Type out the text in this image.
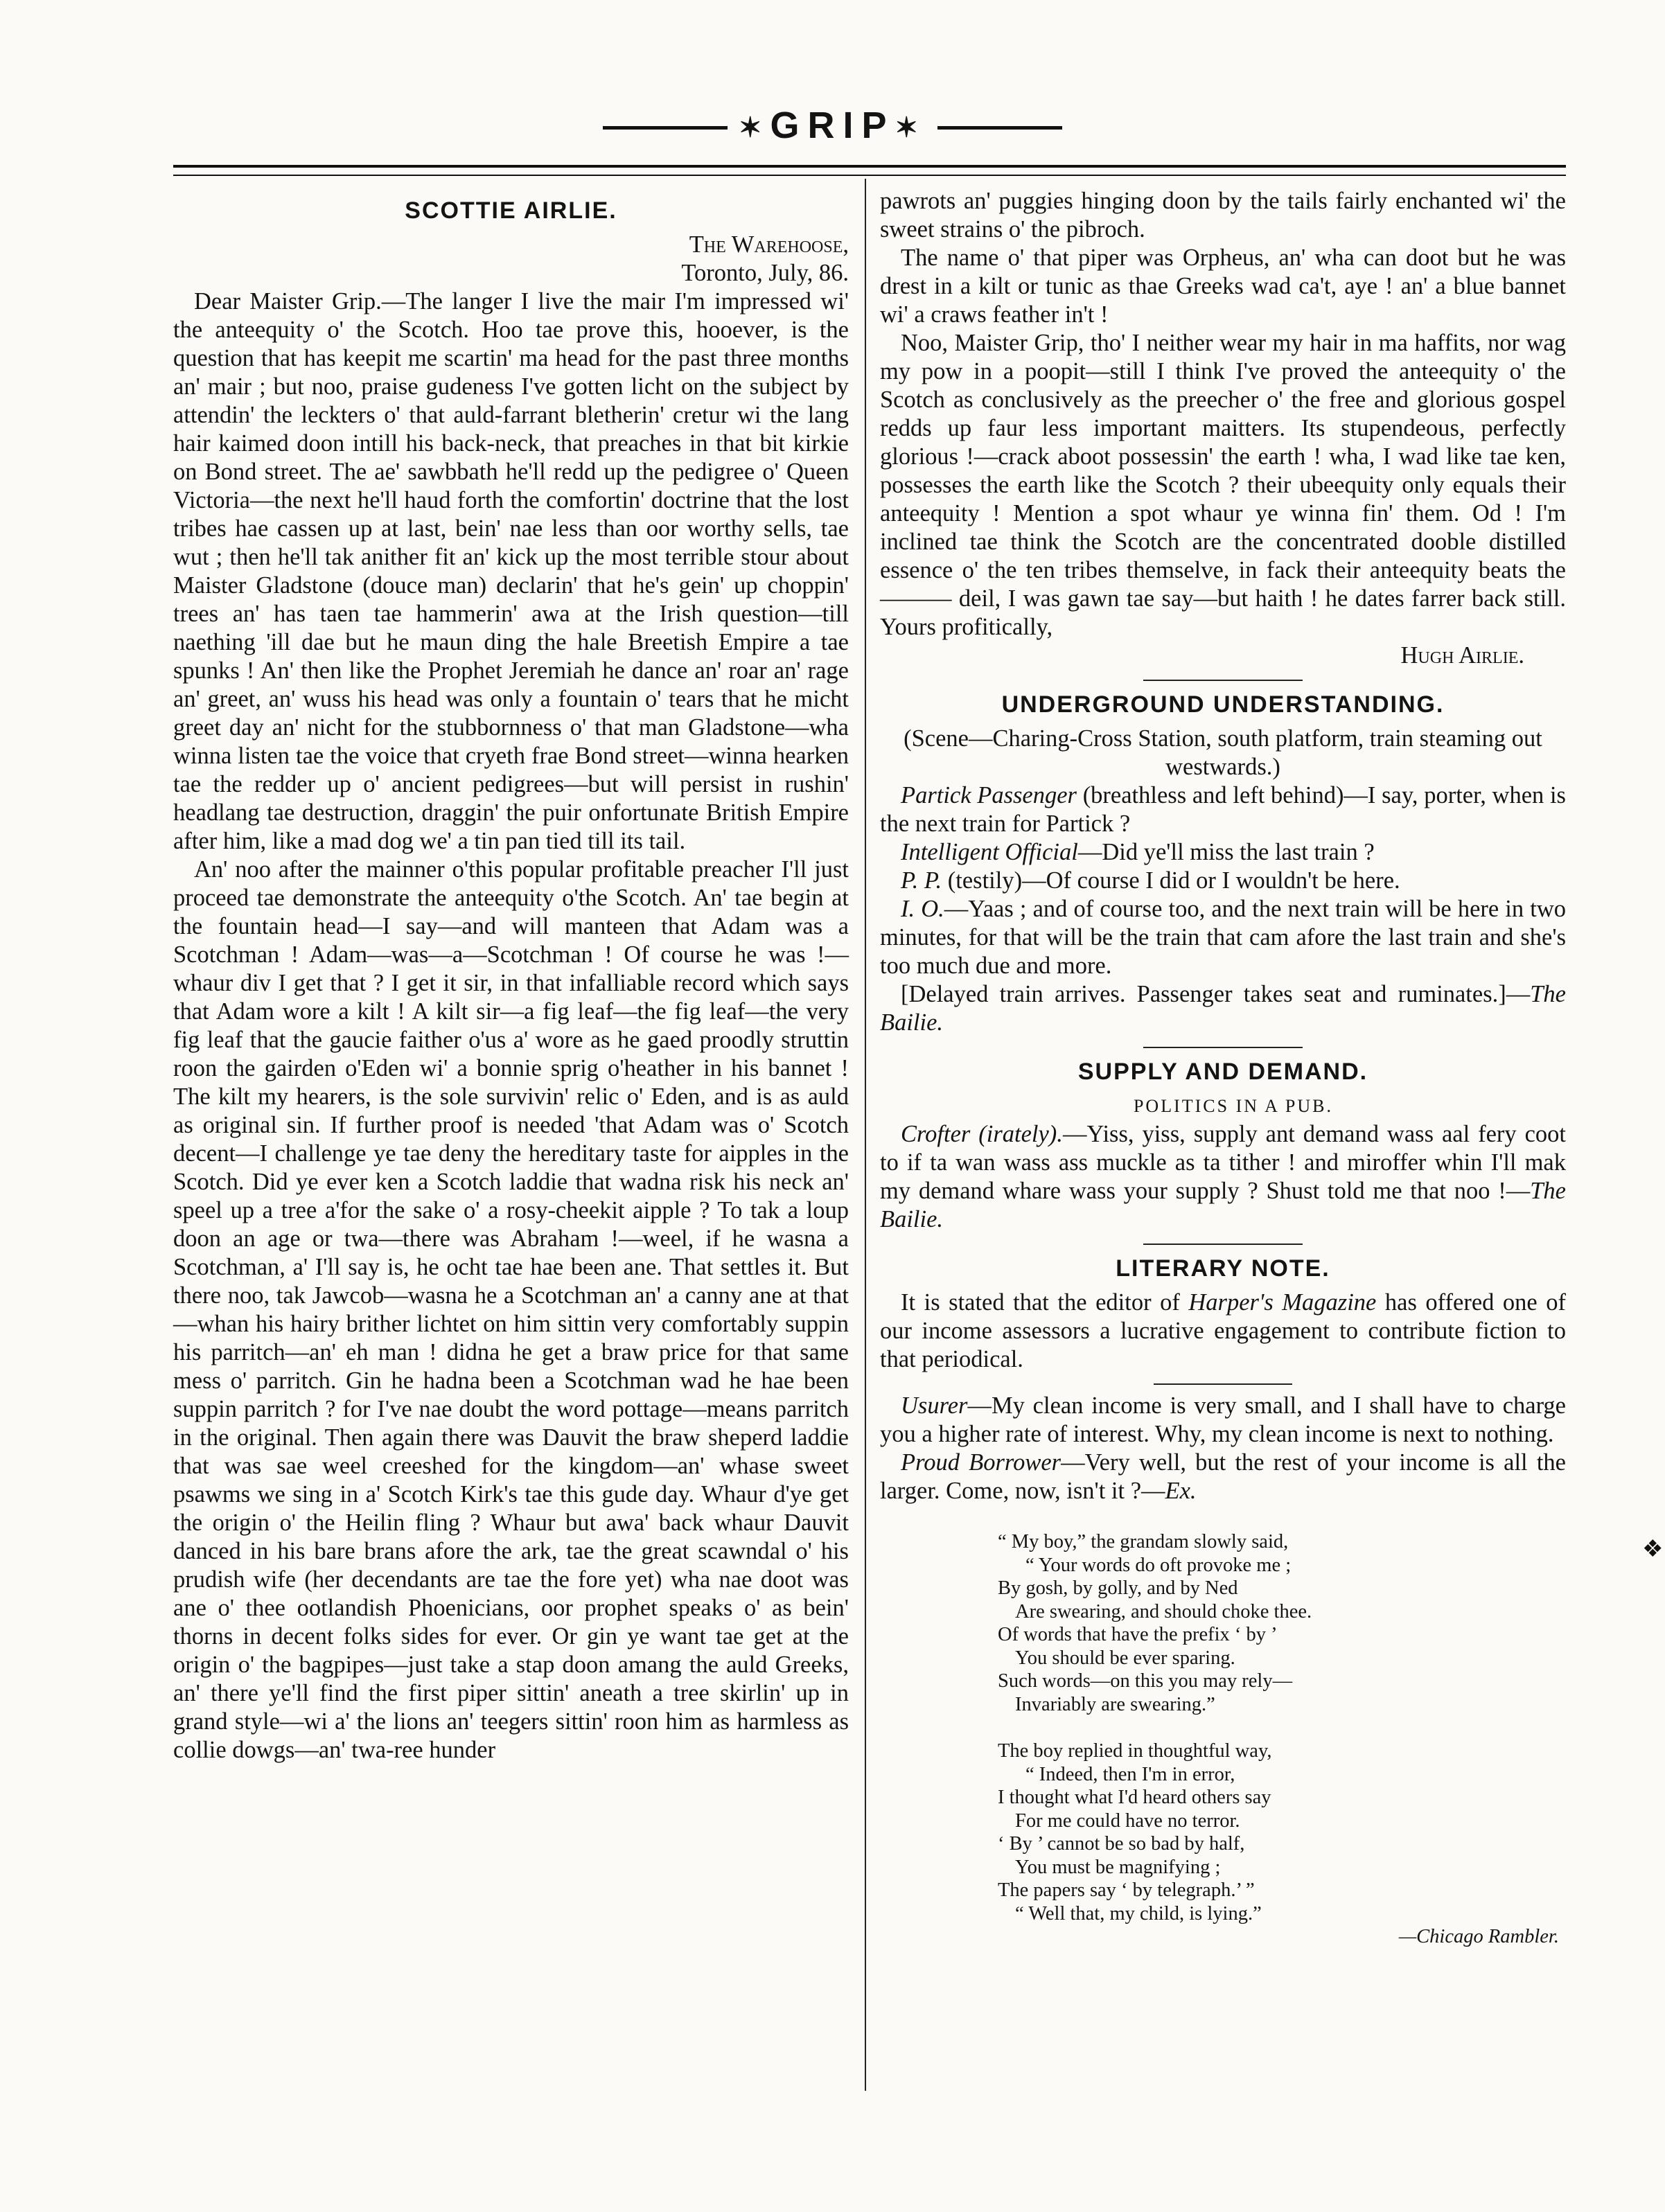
✶GRIP✶
SCOTTIE AIRLIE.

The Warehoose,

Toronto, July, 86.

Dear Maister Grip.—The langer I live the mair I'm impressed wi' the anteequity o' the Scotch. Hoo tae prove this, hooever, is the question that has keepit me scartin' ma head for the past three months an' mair ; but noo, praise gudeness I've gotten licht on the subject by attendin' the leckters o' that auld-farrant bletherin' cretur wi the lang hair kaimed doon intill his back-neck, that preaches in that bit kirkie on Bond street. The ae' sawbbath he'll redd up the pedigree o' Queen Victoria—the next he'll haud forth the comfortin' doctrine that the lost tribes hae cassen up at last, bein' nae less than oor worthy sells, tae wut ; then he'll tak anither fit an' kick up the most terrible stour about Maister Gladstone (douce man) declarin' that he's gein' up choppin' trees an' has taen tae hammerin' awa at the Irish question—till naething 'ill dae but he maun ding the hale Breetish Empire a tae spunks ! An' then like the Prophet Jeremiah he dance an' roar an' rage an' greet, an' wuss his head was only a fountain o' tears that he micht greet day an' nicht for the stubbornness o' that man Gladstone—wha winna listen tae the voice that cryeth frae Bond street—winna hearken tae the redder up o' ancient pedigrees—but will persist in rushin' headlang tae destruction, draggin' the puir onfortunate British Empire after him, like a mad dog we' a tin pan tied till its tail.

An' noo after the mainner o'this popular profitable preacher I'll just proceed tae demonstrate the anteequity o'the Scotch. An' tae begin at the fountain head—I say—and will manteen that Adam was a Scotchman ! Adam—was—a—Scotchman ! Of course he was !—whaur div I get that ? I get it sir, in that infalliable record which says that Adam wore a kilt ! A kilt sir—a fig leaf—the fig leaf—the very fig leaf that the gaucie faither o'us a' wore as he gaed proodly struttin roon the gairden o'Eden wi' a bonnie sprig o'heather in his bannet ! The kilt my hearers, is the sole survivin' relic o' Eden, and is as auld as original sin. If further proof is needed 'that Adam was o' Scotch decent—I challenge ye tae deny the hereditary taste for aipples in the Scotch. Did ye ever ken a Scotch laddie that wadna risk his neck an' speel up a tree a'for the sake o' a rosy-cheekit aipple ? To tak a loup doon an age or twa—there was Abraham !—weel, if he wasna a Scotchman, a' I'll say is, he ocht tae hae been ane. That settles it. But there noo, tak Jawcob—wasna he a Scotchman an' a canny ane at that—whan his hairy brither lichtet on him sittin very comfortably suppin his parritch—an' eh man ! didna he get a braw price for that same mess o' parritch. Gin he hadna been a Scotchman wad he hae been suppin parritch ? for I've nae doubt the word pottage—means parritch in the original. Then again there was Dauvit the braw sheperd laddie that was sae weel creeshed for the kingdom—an' whase sweet psawms we sing in a' Scotch Kirk's tae this gude day. Whaur d'ye get the origin o' the Heilin fling ? Whaur but awa' back whaur Dauvit danced in his bare brans afore the ark, tae the great scawndal o' his prudish wife (her decendants are tae the fore yet) wha nae doot was ane o' thee ootlandish Phoenicians, oor prophet speaks o' as bein' thorns in decent folks sides for ever. Or gin ye want tae get at the origin o' the bagpipes—just take a stap doon amang the auld Greeks, an' there ye'll find the first piper sittin' aneath a tree skirlin' up in grand style—wi a' the lions an' teegers sittin' roon him as harmless as collie dowgs—an' twa-ree hunder

pawrots an' puggies hinging doon by the tails fairly enchanted wi' the sweet strains o' the pibroch.

The name o' that piper was Orpheus, an' wha can doot but he was drest in a kilt or tunic as thae Greeks wad ca't, aye ! an' a blue bannet wi' a craws feather in't !

Noo, Maister Grip, tho' I neither wear my hair in ma haffits, nor wag my pow in a poopit—still I think I've proved the anteequity o' the Scotch as conclusively as the preecher o' the free and glorious gospel redds up faur less important maitters. Its stupendeous, perfectly glorious !—crack aboot possessin' the earth ! wha, I wad like tae ken, possesses the earth like the Scotch ? their ubeequity only equals their anteequity ! Mention a spot whaur ye winna fin' them. Od ! I'm inclined tae think the Scotch are the concentrated dooble distilled essence o' the ten tribes themselve, in fack their anteequity beats the ——— deil, I was gawn tae say—but haith ! he dates farrer back still. Yours profitically,

Hugh Airlie.

UNDERGROUND UNDERSTANDING.

(Scene—Charing-Cross Station, south platform, train steaming out westwards.)

Partick Passenger (breathless and left behind)—I say, porter, when is the next train for Partick ?

Intelligent Official—Did ye'll miss the last train ?

P. P. (testily)—Of course I did or I wouldn't be here.

I. O.—Yaas ; and of course too, and the next train will be here in two minutes, for that will be the train that cam afore the last train and she's too much due and more.

[Delayed train arrives. Passenger takes seat and ruminates.]—The Bailie.

SUPPLY AND DEMAND.

POLITICS IN A PUB.

Crofter (irately).—Yiss, yiss, supply ant demand wass aal fery coot to if ta wan wass ass muckle as ta tither ! and miroffer whin I'll mak my demand whare wass your supply ? Shust told me that noo !—The Bailie.

LITERARY NOTE.

It is stated that the editor of Harper's Magazine has offered one of our income assessors a lucrative engagement to contribute fiction to that periodical.

Usurer—My clean income is very small, and I shall have to charge you a higher rate of interest. Why, my clean income is next to nothing.

Proud Borrower—Very well, but the rest of your income is all the larger. Come, now, isn't it ?—Ex.

“ My boy,” the grandam slowly said,
“ Your words do oft provoke me ;
By gosh, by golly, and by Ned
Are swearing, and should choke thee.
Of words that have the prefix ‘ by ’
You should be ever sparing.
Such words—on this you may rely—
Invariably are swearing.”
The boy replied in thoughtful way,
“ Indeed, then I'm in error,
I thought what I'd heard others say
For me could have no terror.
‘ By ’ cannot be so bad by half,
You must be magnifying ;
The papers say ‘ by telegraph.’ ”
“ Well that, my child, is lying.”
—Chicago Rambler.
❖
